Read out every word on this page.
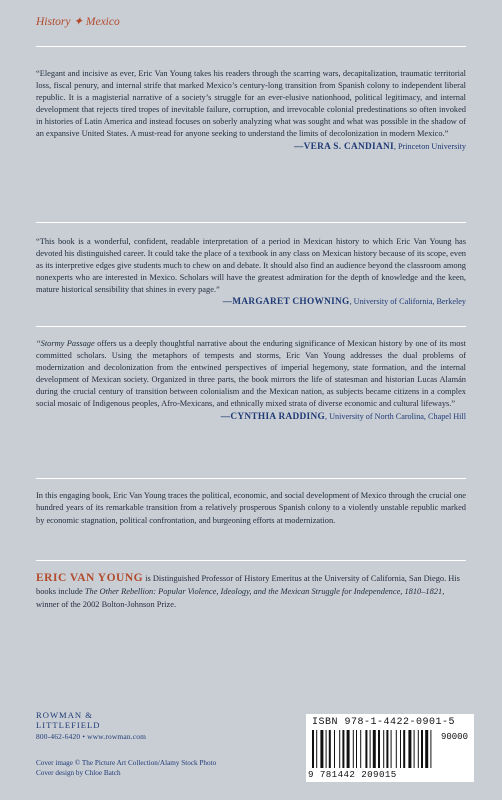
History ✦ Mexico
“Elegant and incisive as ever, Eric Van Young takes his readers through the scarring wars, decapitalization, traumatic territorial loss, fiscal penury, and internal strife that marked Mexico’s century-long transition from Spanish colony to independent liberal republic. It is a magisterial narrative of a society’s struggle for an ever-elusive nationhood, political legitimacy, and internal development that rejects tired tropes of inevitable failure, corruption, and irrevocable colonial predestinations so often invoked in histories of Latin America and instead focuses on soberly analyzing what was sought and what was possible in the shadow of an expansive United States. A must-read for anyone seeking to understand the limits of decolonization in modern Mexico.”
—VERA S. CANDIANI, Princeton University
“This book is a wonderful, confident, readable interpretation of a period in Mexican history to which Eric Van Young has devoted his distinguished career. It could take the place of a textbook in any class on Mexican history because of its scope, even as its interpretive edges give students much to chew on and debate. It should also find an audience beyond the classroom among nonexperts who are interested in Mexico. Scholars will have the greatest admiration for the depth of knowledge and the keen, mature historical sensibility that shines in every page.”
—MARGARET CHOWNING, University of California, Berkeley
“Stormy Passage offers us a deeply thoughtful narrative about the enduring significance of Mexican history by one of its most committed scholars. Using the metaphors of tempests and storms, Eric Van Young addresses the dual problems of modernization and decolonization from the entwined perspectives of imperial hegemony, state formation, and the internal development of Mexican society. Organized in three parts, the book mirrors the life of statesman and historian Lucas Alamán during the crucial century of transition between colonialism and the Mexican nation, as subjects became citizens in a complex social mosaic of Indigenous peoples, Afro-Mexicans, and ethnically mixed strata of diverse economic and cultural lifeways.”
—CYNTHIA RADDING, University of North Carolina, Chapel Hill
In this engaging book, Eric Van Young traces the political, economic, and social development of Mexico through the crucial one hundred years of its remarkable transition from a relatively prosperous Spanish colony to a violently unstable republic marked by economic stagnation, political confrontation, and burgeoning efforts at modernization.
ERIC VAN YOUNG is Distinguished Professor of History Emeritus at the University of California, San Diego. His books include The Other Rebellion: Popular Violence, Ideology, and the Mexican Struggle for Independence, 1810–1821, winner of the 2002 Bolton-Johnson Prize.
ROWMAN &
LITTLEFIELD
800-462-6420 • www.rowman.com
Cover image © The Picture Art Collection/Alamy Stock Photo
Cover design by Chloe Batch
ISBN 978-1-4422-0901-5
90000
9 781442 209015
